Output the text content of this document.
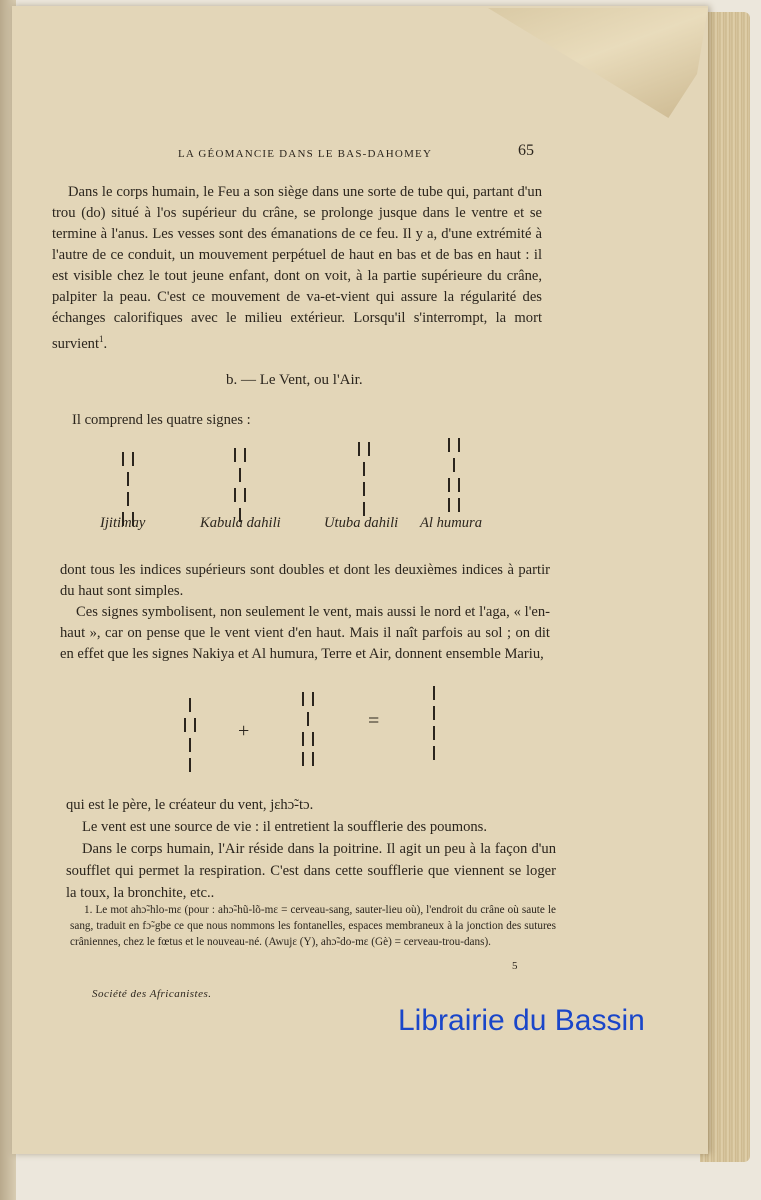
LA GÉOMANCIE DANS LE BAS-DAHOMEY	65

Dans le corps humain, le Feu a son siège dans une sorte de tube qui, partant d'un trou (do) situé à l'os supérieur du crâne, se prolonge jusque dans le ventre et se termine à l'anus. Les vesses sont des émanations de ce feu. Il y a, d'une extrémité à l'autre de ce conduit, un mouvement perpétuel de haut en bas et de bas en haut : il est visible chez le tout jeune enfant, dont on voit, à la partie supérieure du crâne, palpiter la peau. C'est ce mouvement de va-et-vient qui assure la régularité des échanges calorifiques avec le milieu extérieur. Lorsqu'il s'interrompt, la mort survient$^1$.

b. — Le Vent, ou l'Air.
Il comprend les quatre signes :
Ijitimay	Kabula dahili	Utuba dahili Al humura

dont tous les indices supérieurs sont doubles et dont les deuxièmes indices à partir du haut sont simples.

Ces signes symbolisent, non seulement le vent, mais aussi le nord et l'aga, « l'en-haut », car on pense que le vent vient d'en haut. Mais il naît parfois au sol ; on dit en effet que les signes Nakiya et Al humura, Terre et Air, donnent ensemble Mariu,

+	=

qui est le père, le créateur du vent, jɛhɔ̃-tɔ.

Le vent est une source de vie : il entretient la soufflerie des poumons.

Dans le corps humain, l'Air réside dans la poitrine. Il agit un peu à la façon d'un soufflet qui permet la respiration. C'est dans cette soufflerie que viennent se loger la toux, la bronchite, etc..

1. Le mot ahɔ̃-hlo-mɛ (pour : ahɔ̃-hũ-lõ-mɛ = cerveau-sang, sauter-lieu où), l'endroit du crâne où saute le sang, traduit en fɔ̃-gbe ce que nous nommons les fontanelles, espaces membraneux à la jonction des sutures crâniennes, chez le fœtus et le nouveau-né. (Awujɛ (Y), ahɔ̃-do-mɛ (Gè) = cerveau-trou-dans).

5
Société des Africanistes.
Librairie du Bassin
